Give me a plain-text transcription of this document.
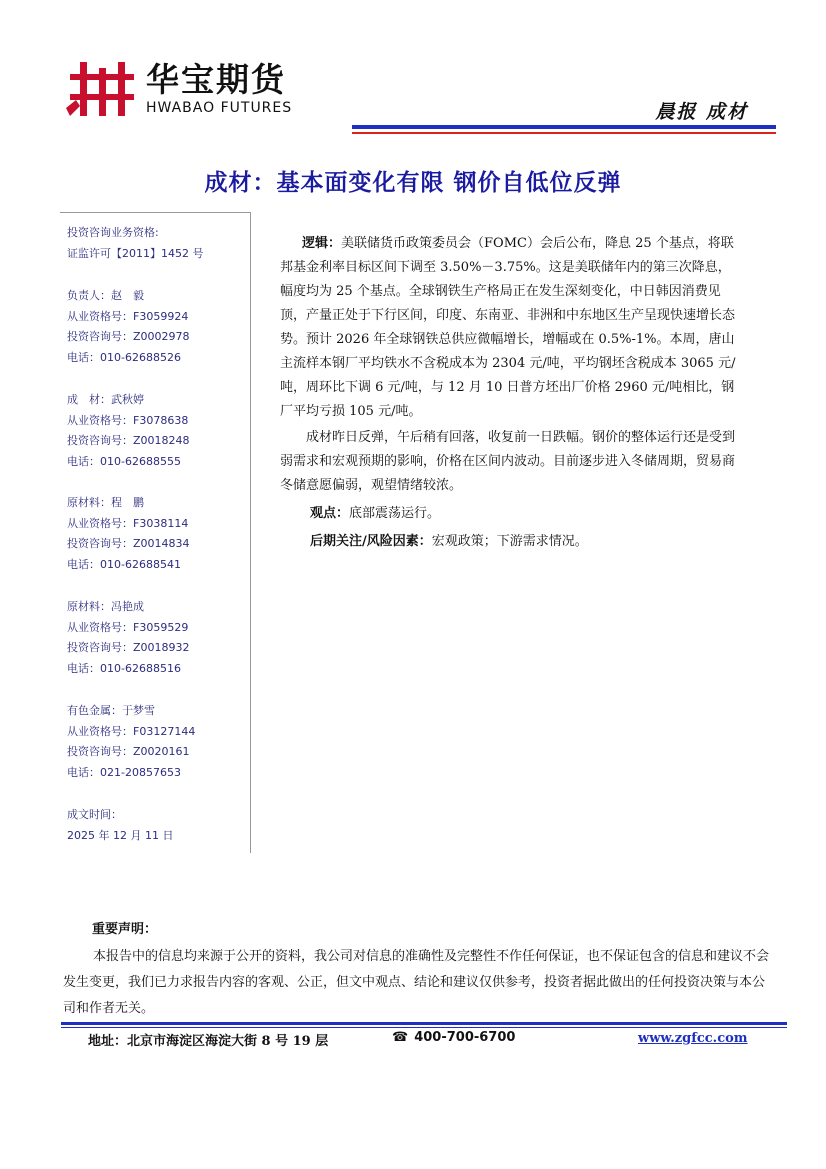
华宝期货
HWABAO FUTURES	晨报 成材
成材：基本面变化有限 钢价自低位反弹
投资咨询业务资格:
证监许可【2011】1452 号
负责人：赵　毅
从业资格号：F3059924
投资咨询号：Z0002978
电话：010-62688526
成　材：武秋婷
从业资格号：F3078638
投资咨询号：Z0018248
电话：010-62688555
原材料：程　鹏
从业资格号：F3038114
投资咨询号：Z0014834
电话：010-62688541
原材料：冯艳成
从业资格号：F3059529
投资咨询号：Z0018932
电话：010-62688516
有色金属：于梦雪
从业资格号：F03127144
投资咨询号：Z0020161
电话：021-20857653
成文时间：
2025 年 12 月 11 日

逻辑：美联储货币政策委员会（FOMC）会后公布，降息 25 个基点，将联邦基金利率目标区间下调至 3.50%－3.75%。这是美联储年内的第三次降息，幅度均为 25 个基点。全球钢铁生产格局正在发生深刻变化，中日韩因消费见顶，产量正处于下行区间，印度、东南亚、非洲和中东地区生产呈现快速增长态势。预计 2026 年全球钢铁总供应微幅增长，增幅或在 0.5%-1%。本周，唐山主流样本钢厂平均铁水不含税成本为 2304 元/吨，平均钢坯含税成本 3065 元/吨，周环比下调 6 元/吨，与 12 月 10 日普方坯出厂价格 2960 元/吨相比，钢厂平均亏损 105 元/吨。

成材昨日反弹，午后稍有回落，收复前一日跌幅。钢价的整体运行还是受到弱需求和宏观预期的影响，价格在区间内波动。目前逐步进入冬储周期，贸易商冬储意愿偏弱，观望情绪较浓。

观点：底部震荡运行。

后期关注/风险因素：宏观政策；下游需求情况。

重要声明：
本报告中的信息均来源于公开的资料，我公司对信息的准确性及完整性不作任何保证，也不保证包含的信息和建议不会发生变更，我们已力求报告内容的客观、公正，但文中观点、结论和建议仅供参考，投资者据此做出的任何投资决策与本公司和作者无关。
地址：北京市海淀区海淀大街 8 号 19 层	☎ 400-700-6700	www.zgfcc.com
